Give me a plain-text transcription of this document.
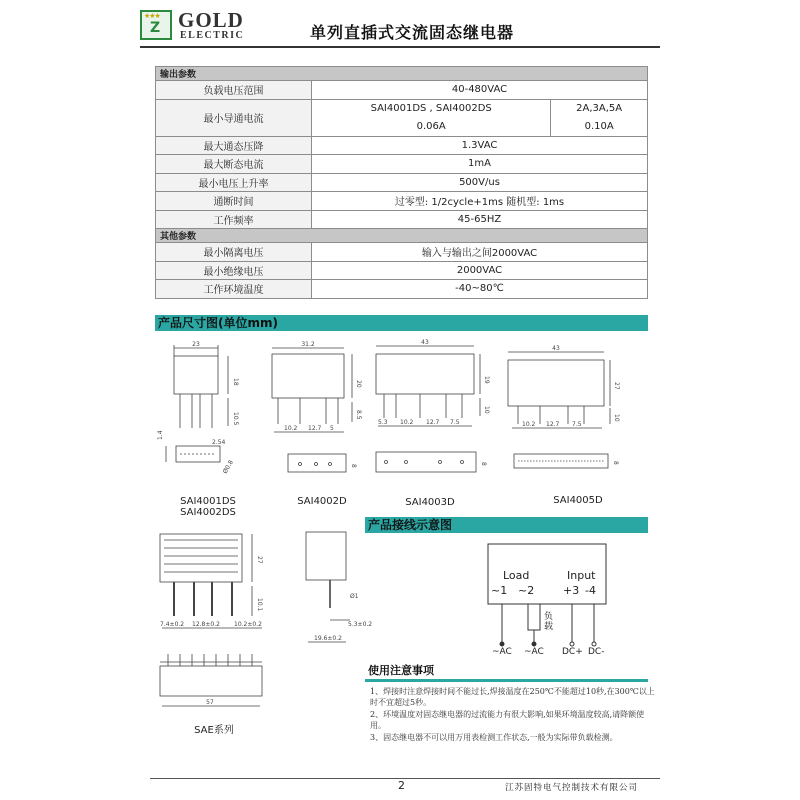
★★★
Z GOLD
ELECTRIC	单列直插式交流固态继电器
输出参数		
负载电压范围	40-480VAC	
最小导通电流	SAI4001DS , SAI4002DS	2A,3A,5A
	0.06A	0.10A
最大通态压降	1.3VAC	
最大断态电流	1mA	
最小电压上升率	500V/us	
通断时间	过零型: 1/2cycle+1ms 随机型: 1ms	
工作频率	45-65HZ	
其他参数		
最小隔离电压	输入与输出之间2000VAC	
最小绝缘电压	2000VAC	
工作环境温度	-40~80℃	
产品尺寸图(单位mm)
23
18
10.5
1.4
2.54
Ø0.8
31.2
20
8.5
10.2 12.7 5
8
43
19
10
5.3 10.2 12.7 7.5
8
43
27
10
10.2 12.7 7.5
8
27
10.1
7.4±0.2 12.8±0.2 10.2±0.2
Ø1
5.3±0.2
19.6±0.2
57
SAI4001DS
SAI4002DS
SAI4002D	SAI4003D	SAI4005D
SAE系列
产品接线示意图
Load	Input
~1 ~2	+3 -4
负载
~AC ~AC DC+ DC-
使用注意事项

1、焊接时注意焊接时间不能过长,焊接温度在250℃不能超过10秒,在300℃以上时不宜超过5秒。

2、环境温度对固态继电器的过流能力有很大影响,如果环境温度较高,请降额使用。

3、固态继电器不可以用万用表检测工作状态,一般为实际带负载检测。

2	江苏固特电气控制技术有限公司
